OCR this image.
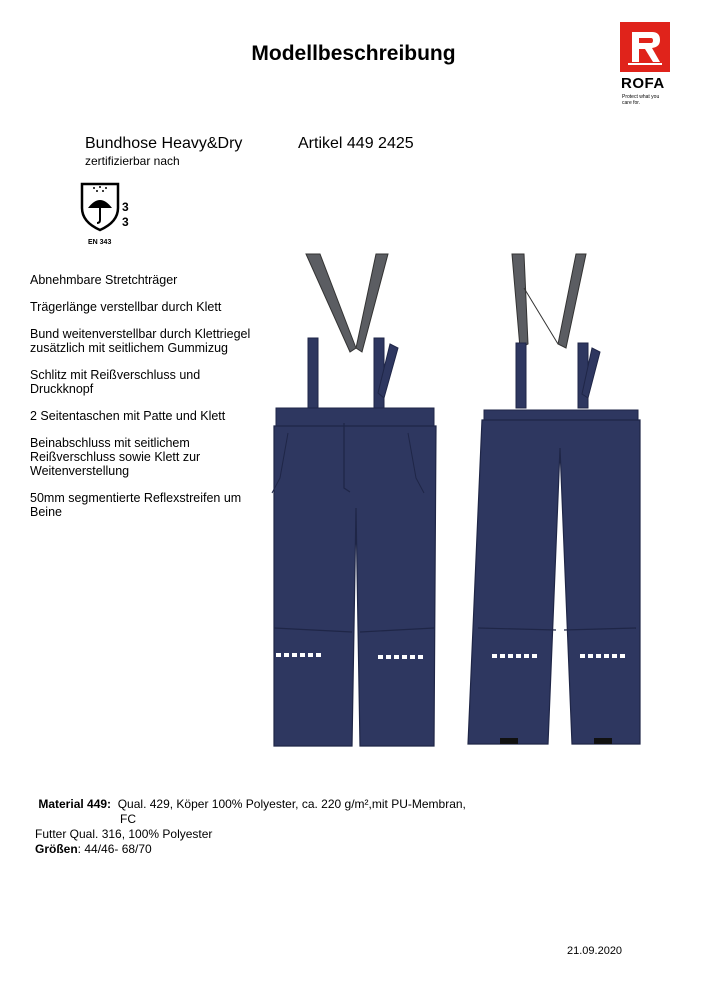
Modellbeschreibung
ROFA
Protect what you
care for.
Bundhose Heavy&Dry	Artikel 449 2425
zertifizierbar nach
3
3
EN 343
Abnehmbare Stretchträger
Trägerlänge verstellbar durch Klett
Bund weitenverstellbar durch Klettriegel
zusätzlich mit seitlichem Gummizug
Schlitz mit Reißverschluss und
Druckknopf
2 Seitentaschen mit Patte und Klett
Beinabschluss mit seitlichem
Reißverschluss sowie Klett zur
Weitenverstellung
50mm segmentierte Reflexstreifen um
Beine
Material 449: Qual. 429, Köper 100% Polyester, ca. 220 g/m²,mit PU-Membran,
FC
Futter Qual. 316, 100% Polyester
Größen: 44/46- 68/70
21.09.2020
